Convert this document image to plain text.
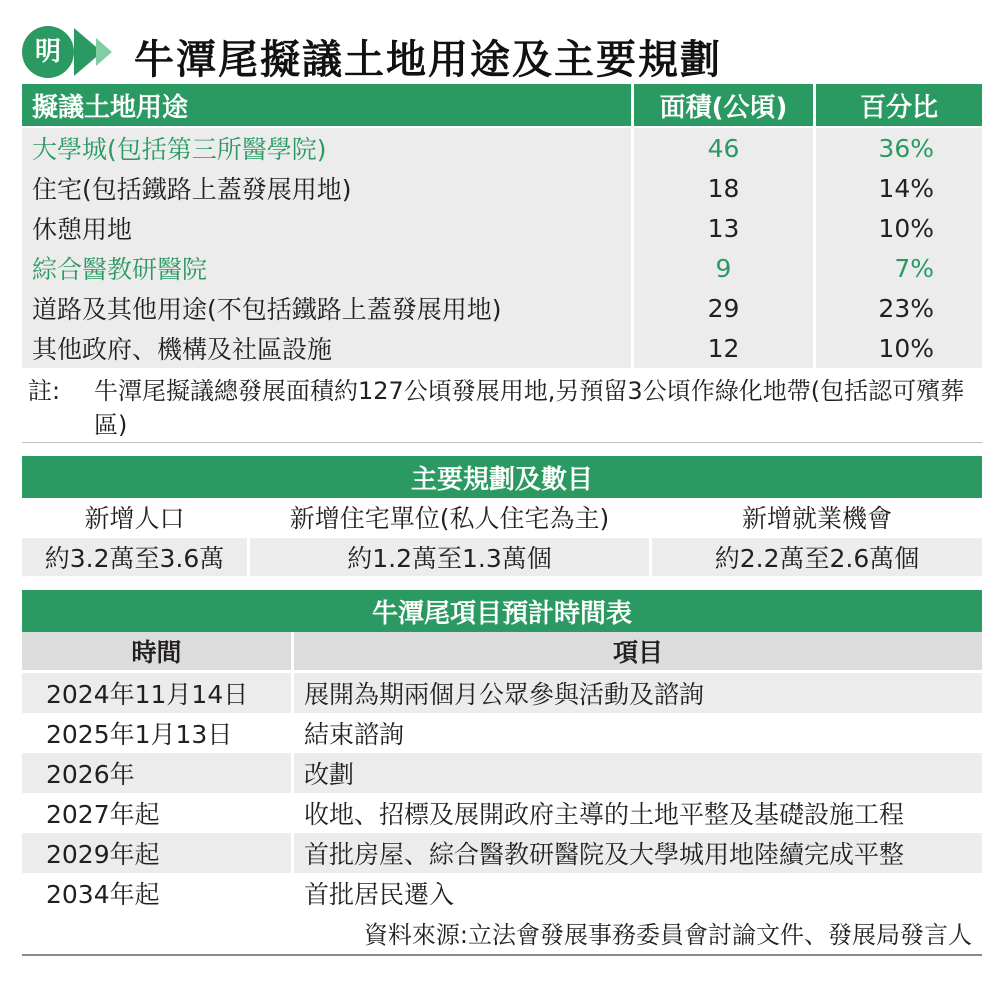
明	牛潭尾擬議土地用途及主要規劃
擬議土地用途	面積(公頃)	百分比
大學城(包括第三所醫學院)	46	36%
住宅(包括鐵路上蓋發展用地)	18	14%
休憩用地	13	10%
綜合醫教研醫院	9	7%
道路及其他用途(不包括鐵路上蓋發展用地)	29	23%
其他政府、機構及社區設施	12	10%
註: 牛潭尾擬議總發展面積約127公頃發展用地,另預留3公頃作綠化地帶(包括認可殯葬區)
主要規劃及數目
新增人口	新增住宅單位(私人住宅為主)	新增就業機會
約3.2萬至3.6萬	約1.2萬至1.3萬個	約2.2萬至2.6萬個
牛潭尾項目預計時間表
時間	項目
2024年11月14日	展開為期兩個月公眾參與活動及諮詢
2025年1月13日	結束諮詢
2026年	改劃
2027年起	收地、招標及展開政府主導的土地平整及基礎設施工程
2029年起	首批房屋、綜合醫教研醫院及大學城用地陸續完成平整
2034年起	首批居民遷入
資料來源:立法會發展事務委員會討論文件、發展局發言人
